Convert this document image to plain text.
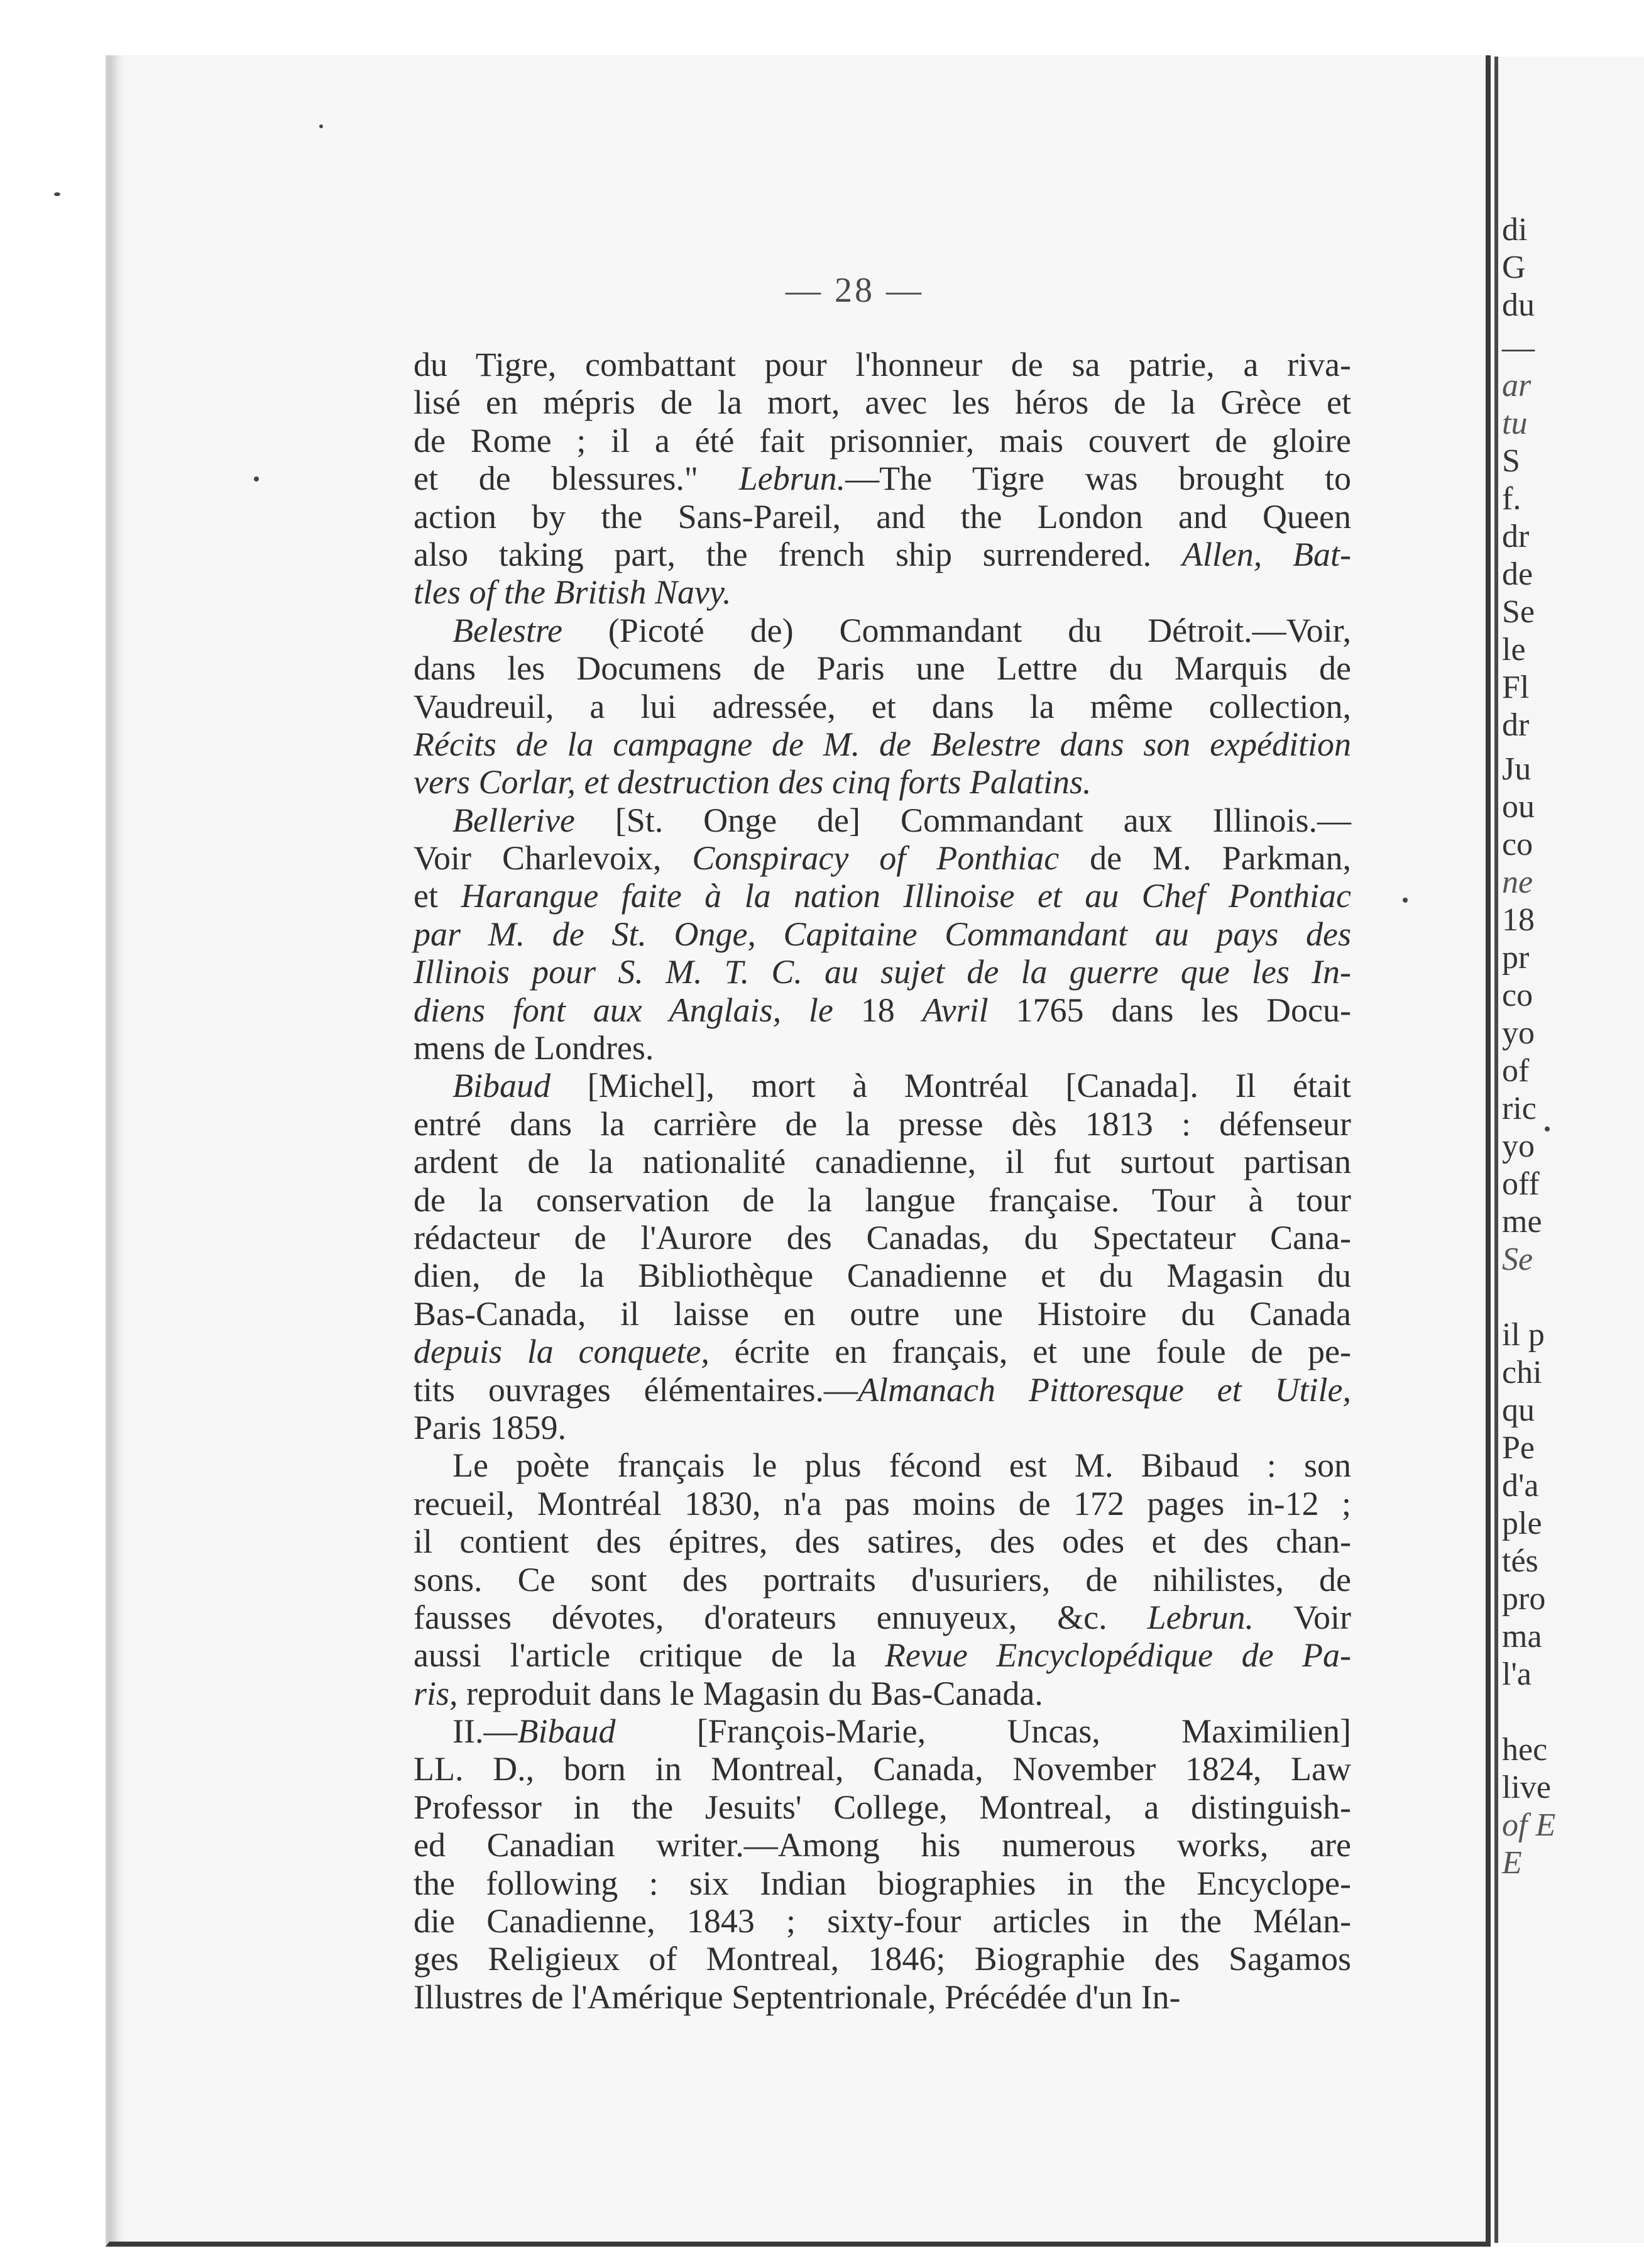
— 28 —
du Tigre, combattant pour l'honneur de sa patrie, a riva-
lisé en mépris de la mort, avec les héros de la Grèce et
de Rome ; il a été fait prisonnier, mais couvert de gloire
et de blessures." Lebrun.—The Tigre was brought to
action by the Sans-Pareil, and the London and Queen
also taking part, the french ship surrendered. Allen, Bat-
tles of the British Navy.
Belestre (Picoté de) Commandant du Détroit.—Voir,
dans les Documens de Paris une Lettre du Marquis de
Vaudreuil, a lui adressée, et dans la même collection,
Récits de la campagne de M. de Belestre dans son expédition
vers Corlar, et destruction des cinq forts Palatins.
Bellerive [St. Onge de] Commandant aux Illinois.—
Voir Charlevoix, Conspiracy of Ponthiac de M. Parkman,
et Harangue faite à la nation Illinoise et au Chef Ponthiac
par M. de St. Onge, Capitaine Commandant au pays des
Illinois pour S. M. T. C. au sujet de la guerre que les In-
diens font aux Anglais, le 18 Avril 1765 dans les Docu-
mens de Londres.
Bibaud [Michel], mort à Montréal [Canada]. Il était
entré dans la carrière de la presse dès 1813 : défenseur
ardent de la nationalité canadienne, il fut surtout partisan
de la conservation de la langue française. Tour à tour
rédacteur de l'Aurore des Canadas, du Spectateur Cana-
dien, de la Bibliothèque Canadienne et du Magasin du
Bas-Canada, il laisse en outre une Histoire du Canada
depuis la conquete, écrite en français, et une foule de pe-
tits ouvrages élémentaires.—Almanach Pittoresque et Utile,
Paris 1859.
Le poète français le plus fécond est M. Bibaud : son
recueil, Montréal 1830, n'a pas moins de 172 pages in-12 ;
il contient des épitres, des satires, des odes et des chan-
sons. Ce sont des portraits d'usuriers, de nihilistes, de
fausses dévotes, d'orateurs ennuyeux, &c. Lebrun. Voir
aussi l'article critique de la Revue Encyclopédique de Pa-
ris, reproduit dans le Magasin du Bas-Canada.
II.—Bibaud [François-Marie, Uncas, Maximilien]
LL. D., born in Montreal, Canada, November 1824, Law
Professor in the Jesuits' College, Montreal, a distinguish-
ed Canadian writer.—Among his numerous works, are
the following : six Indian biographies in the Encyclope-
die Canadienne, 1843 ; sixty-four articles in the Mélan-
ges Religieux of Montreal, 1846; Biographie des Sagamos
Illustres de l'Amérique Septentrionale, Précédée d'un In-
di
G
du
—
ar
tu
S
f.
dr
de
Se
le
Fl
dr
Ju
ou
co
ne
18
pr
co
yo
of
ric
yo
off
me
Se
il p
chi
qu
Pe
d'a
ple
tés
pro
ma
l'a
hec
live
of E
E
